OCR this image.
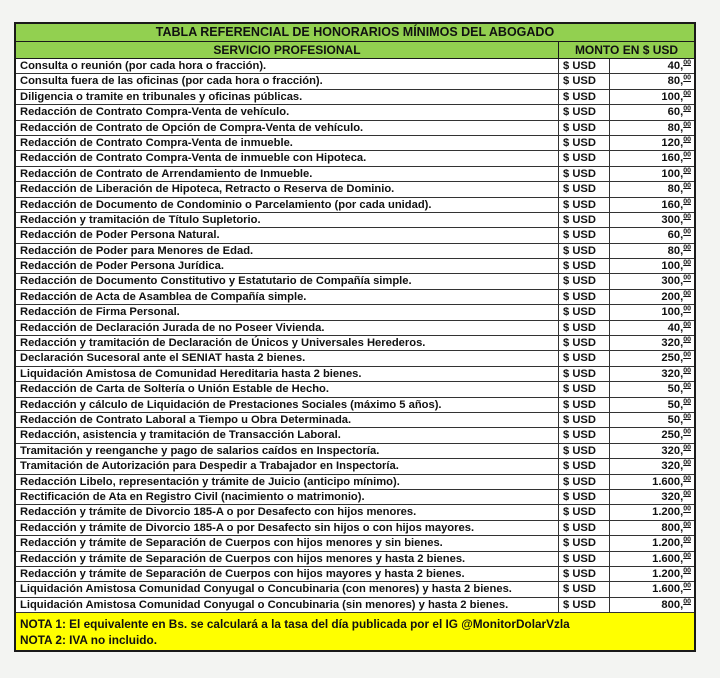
TABLA REFERENCIAL DE HONORARIOS MÍNIMOS DEL ABOGADO
SERVICIO PROFESIONAL	MONTO EN $ USD
Consulta o reunión (por cada hora o fracción).	$ USD	40,00
Consulta fuera de las oficinas (por cada hora o fracción).	$ USD	80,00
Diligencia o tramite en tribunales y oficinas públicas.	$ USD	100,00
Redacción de Contrato Compra-Venta de vehículo.	$ USD	60,00
Redacción de Contrato de Opción de Compra-Venta de vehículo.	$ USD	80,00
Redacción de Contrato Compra-Venta de inmueble.	$ USD	120,00
Redacción de Contrato Compra-Venta de inmueble con Hipoteca.	$ USD	160,00
Redacción de Contrato de Arrendamiento de Inmueble.	$ USD	100,00
Redacción de Liberación de Hipoteca, Retracto o Reserva de Dominio.	$ USD	80,00
Redacción de Documento de Condominio o Parcelamiento (por cada unidad).	$ USD	160,00
Redacción y tramitación de Título Supletorio.	$ USD	300,00
Redacción de Poder Persona Natural.	$ USD	60,00
Redacción de Poder para Menores de Edad.	$ USD	80,00
Redacción de Poder Persona Jurídica.	$ USD	100,00
Redacción de Documento Constitutivo y Estatutario de Compañía simple.	$ USD	300,00
Redacción de Acta de Asamblea de Compañía simple.	$ USD	200,00
Redacción de Firma Personal.	$ USD	100,00
Redacción de Declaración Jurada de no Poseer Vivienda.	$ USD	40,00
Redacción y tramitación de Declaración de Únicos y Universales Herederos.	$ USD	320,00
Declaración Sucesoral ante el SENIAT hasta 2 bienes.	$ USD	250,00
Liquidación Amistosa de Comunidad Hereditaria hasta 2 bienes.	$ USD	320,00
Redacción de Carta de Soltería o Unión Estable de Hecho.	$ USD	50,00
Redacción y cálculo de Liquidación de Prestaciones Sociales (máximo 5 años).	$ USD	50,00
Redacción de Contrato Laboral a Tiempo u Obra Determinada.	$ USD	50,00
Redacción, asistencia y tramitación de Transacción Laboral.	$ USD	250,00
Tramitación y reenganche y pago de salarios caídos en Inspectoría.	$ USD	320,00
Tramitación de Autorización para Despedir a Trabajador en Inspectoría.	$ USD	320,00
Redacción Libelo, representación y trámite de Juicio (anticipo mínimo).	$ USD	1.600,00
Rectificación de Ata en Registro Civil (nacimiento o matrimonio).	$ USD	320,00
Redacción y trámite de Divorcio 185-A o por Desafecto con hijos menores.	$ USD	1.200,00
Redacción y trámite de Divorcio 185-A o por Desafecto sin hijos o con hijos mayores.	$ USD	800,00
Redacción y trámite de Separación de Cuerpos con hijos menores y sin bienes.	$ USD	1.200,00
Redacción y trámite de Separación de Cuerpos con hijos menores y hasta 2 bienes.	$ USD	1.600,00
Redacción y trámite de Separación de Cuerpos con hijos mayores y hasta 2 bienes.	$ USD	1.200,00
Liquidación Amistosa Comunidad Conyugal o Concubinaria (con menores) y hasta 2 bienes.	$ USD	1.600,00
Liquidación Amistosa Comunidad Conyugal o Concubinaria (sin menores) y hasta 2 bienes.	$ USD	800,00
NOTA 1: El equivalente en Bs. se calculará a la tasa del día publicada por el IG @MonitorDolarVzla
NOTA 2: IVA no incluido.
